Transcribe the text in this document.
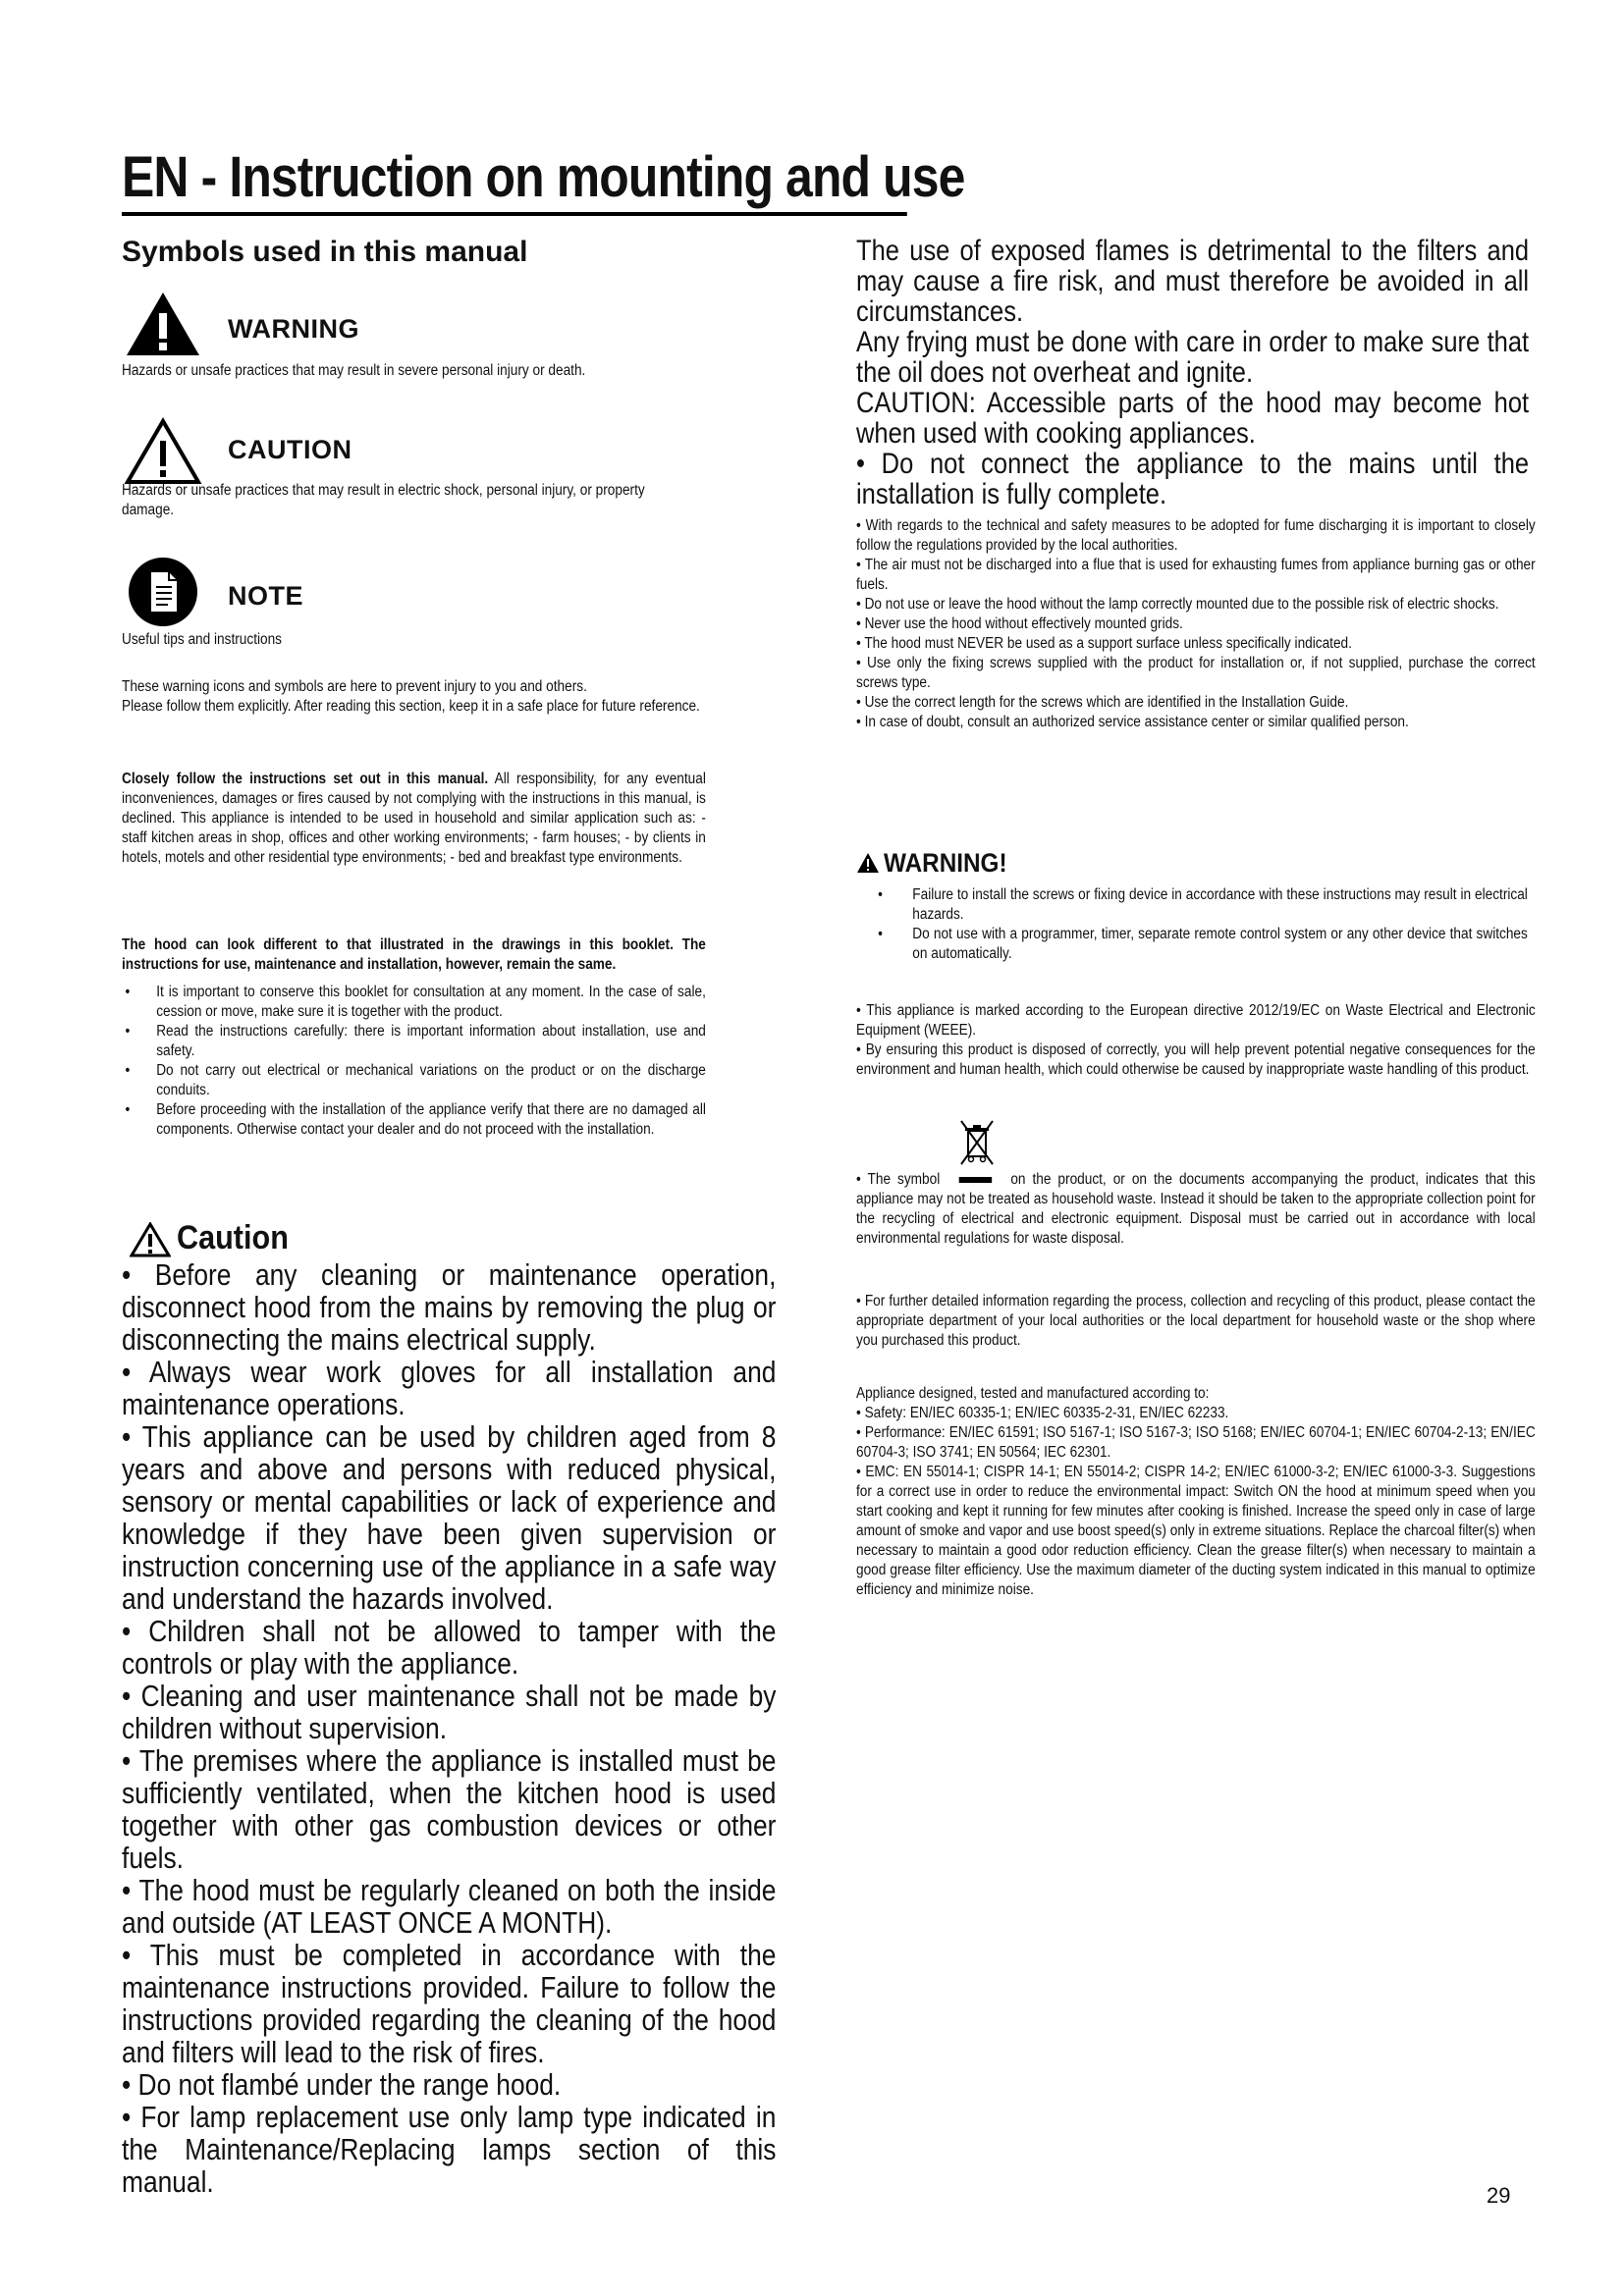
EN - Instruction on mounting and use
Symbols used in this manual
WARNING
Hazards or unsafe practices that may result in severe personal injury or death.
CAUTION
Hazards or unsafe practices that may result in electric shock, personal injury, or property damage.
NOTE
Useful tips and instructions

These warning icons and symbols are here to prevent injury to you and others.

Please follow them explicitly. After reading this section, keep it in a safe place for future reference.

Closely follow the instructions set out in this manual. All responsibility, for any eventual inconveniences, damages or fires caused by not complying with the instructions in this manual, is declined. This appliance is intended to be used in household and similar application such as: - staff kitchen areas in shop, offices and other working environments; - farm houses; - by clients in hotels, motels and other residential type environments; - bed and breakfast type environments.
The hood can look different to that illustrated in the drawings in this booklet. The instructions for use, maintenance and installation, however, remain the same.
• It is important to conserve this booklet for consultation at any moment. In the case of sale, cession or move, make sure it is together with the product.
• Read the instructions carefully: there is important information about installation, use and safety.
• Do not carry out electrical or mechanical variations on the product or on the discharge conduits.
• Before proceeding with the installation of the appliance verify that there are no damaged all components. Otherwise contact your dealer and do not proceed with the installation.
Caution

• Before any cleaning or maintenance operation, disconnect hood from the mains by removing the plug or disconnecting the mains electrical supply.

• Always wear work gloves for all installation and maintenance operations.

• This appliance can be used by children aged from 8 years and above and persons with reduced physical, sensory or mental capabilities or lack of experience and knowledge if they have been given supervision or instruction concerning use of the appliance in a safe way and understand the hazards involved.

• Children shall not be allowed to tamper with the controls or play with the appliance.

• Cleaning and user maintenance shall not be made by children without supervision.

• The premises where the appliance is installed must be sufficiently ventilated, when the kitchen hood is used together with other gas combustion devices or other fuels.

• The hood must be regularly cleaned on both the inside and outside (AT LEAST ONCE A MONTH).

• This must be completed in accordance with the maintenance instructions provided. Failure to follow the instructions provided regarding the cleaning of the hood and filters will lead to the risk of fires.

• Do not flambé under the range hood.

• For lamp replacement use only lamp type indicated in the Maintenance/Replacing lamps section of this manual.

The use of exposed flames is detrimental to the filters and may cause a fire risk, and must therefore be avoided in all circumstances.

Any frying must be done with care in order to make sure that the oil does not overheat and ignite.

CAUTION: Accessible parts of the hood may become hot when used with cooking appliances.

• Do not connect the appliance to the mains until the installation is fully complete.

• With regards to the technical and safety measures to be adopted for fume discharging it is important to closely follow the regulations provided by the local authorities.

• The air must not be discharged into a flue that is used for exhausting fumes from appliance burning gas or other fuels.

• Do not use or leave the hood without the lamp correctly mounted due to the possible risk of electric shocks.

• Never use the hood without effectively mounted grids.

• The hood must NEVER be used as a support surface unless specifically indicated.

• Use only the fixing screws supplied with the product for installation or, if not supplied, purchase the correct screws type.

• Use the correct length for the screws which are identified in the Installation Guide.

• In case of doubt, consult an authorized service assistance center or similar qualified person.

WARNING!
• Failure to install the screws or fixing device in accordance with these instructions may result in electrical hazards.
• Do not use with a programmer, timer, separate remote control system or any other device that switches on automatically.

• This appliance is marked according to the European directive 2012/19/EC on Waste Electrical and Electronic Equipment (WEEE).

• By ensuring this product is disposed of correctly, you will help prevent potential negative consequences for the environment and human health, which could otherwise be caused by inappropriate waste handling of this product.

• The symbol	on the product, or on the documents accompanying the product, indicates that this appliance may not be treated as household waste. Instead it should be taken to the appropriate collection point for the recycling of electrical and electronic equipment. Disposal must be carried out in accordance with local environmental regulations for waste disposal.
• For further detailed information regarding the process, collection and recycling of this product, please contact the appropriate department of your local authorities or the local department for household waste or the shop where you purchased this product.

Appliance designed, tested and manufactured according to:

• Safety: EN/IEC 60335-1; EN/IEC 60335-2-31, EN/IEC 62233.

• Performance: EN/IEC 61591; ISO 5167-1; ISO 5167-3; ISO 5168; EN/IEC 60704-1; EN/IEC 60704-2-13; EN/IEC 60704-3; ISO 3741; EN 50564; IEC 62301.

• EMC: EN 55014-1; CISPR 14-1; EN 55014-2; CISPR 14-2; EN/IEC 61000-3-2; EN/IEC 61000-3-3. Suggestions for a correct use in order to reduce the environmental impact: Switch ON the hood at minimum speed when you start cooking and kept it running for few minutes after cooking is finished. Increase the speed only in case of large amount of smoke and vapor and use boost speed(s) only in extreme situations. Replace the charcoal filter(s) when necessary to maintain a good odor reduction efficiency. Clean the grease filter(s) when necessary to maintain a good grease filter efficiency. Use the maximum diameter of the ducting system indicated in this manual to optimize efficiency and minimize noise.

29
